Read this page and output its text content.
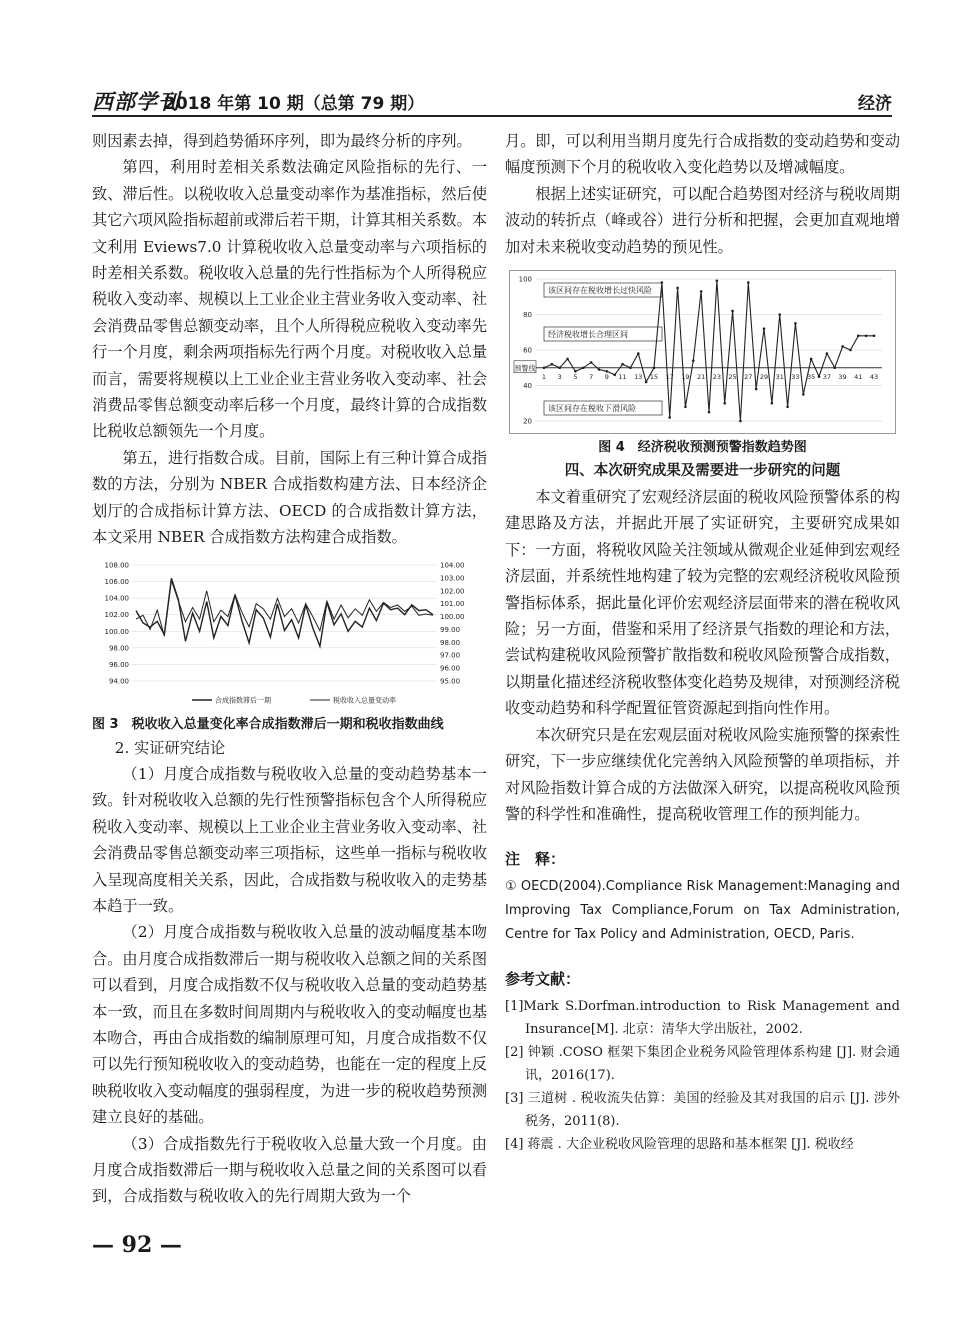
西部学刊
2018 年第 10 期（总第 79 期）	经济

则因素去掉，得到趋势循环序列，即为最终分析的序列。

第四，利用时差相关系数法确定风险指标的先行、一致、滞后性。以税收收入总量变动率作为基准指标，然后使其它六项风险指标超前或滞后若干期，计算其相关系数。本文利用 Eviews7.0 计算税收收入总量变动率与六项指标的时差相关系数。税收收入总量的先行性指标为个人所得税应税收入变动率、规模以上工业企业主营业务收入变动率、社会消费品零售总额变动率，且个人所得税应税收入变动率先行一个月度，剩余两项指标先行两个月度。对税收收入总量而言，需要将规模以上工业企业主营业务收入变动率、社会消费品零售总额变动率后移一个月度，最终计算的合成指数比税收总额领先一个月度。

第五，进行指数合成。目前，国际上有三种计算合成指数的方法，分别为 NBER 合成指数构建方法、日本经济企划厅的合成指标计算方法、OECD 的合成指数计算方法，本文采用 NBER 合成指数方法构建合成指数。

94.00
96.00
98.00
100.00
102.00
104.00
106.00
108.00
95.00
96.00
97.00
98.00
99.00
100.00
101.00
102.00
103.00
104.00
合成指数滞后一期	税收收入总量变动率

图 3　税收收入总量变化率合成指数滞后一期和税收指数曲线

2. 实证研究结论

（1）月度合成指数与税收收入总量的变动趋势基本一致。针对税收收入总额的先行性预警指标包含个人所得税应税收入变动率、规模以上工业企业主营业务收入变动率、社会消费品零售总额变动率三项指标，这些单一指标与税收收入呈现高度相关关系，因此，合成指数与税收收入的走势基本趋于一致。

（2）月度合成指数与税收收入总量的波动幅度基本吻合。由月度合成指数滞后一期与税收收入总额之间的关系图可以看到，月度合成指数不仅与税收收入总量的变动趋势基本一致，而且在多数时间周期内与税收收入的变动幅度也基本吻合，再由合成指数的编制原理可知，月度合成指数不仅可以先行预知税收收入的变动趋势，也能在一定的程度上反映税收收入变动幅度的强弱程度，为进一步的税收趋势预测建立良好的基础。

（3）合成指数先行于税收收入总量大致一个月度。由月度合成指数滞后一期与税收收入总量之间的关系图可以看到，合成指数与税收收入的先行周期大致为一个

月。即，可以利用当期月度先行合成指数的变动趋势和变动幅度预测下个月的税收收入变化趋势以及增减幅度。

根据上述实证研究，可以配合趋势图对经济与税收周期波动的转折点（峰或谷）进行分析和把握，会更加直观地增加对未来税收变动趋势的预见性。

20
40
60
80
100
预警线
1 3 5 7 9 11 13 15 17 19 21 23 25 27 29 31 33 35 37 39 41 43
该区间存在税收增长过快风险
经济税收增长合理区间
该区间存在税收下滑风险

图 4　经济税收预测预警指数趋势图

四、本次研究成果及需要进一步研究的问题

本文着重研究了宏观经济层面的税收风险预警体系的构建思路及方法，并据此开展了实证研究，主要研究成果如下：一方面，将税收风险关注领域从微观企业延伸到宏观经济层面，并系统性地构建了较为完整的宏观经济税收风险预警指标体系，据此量化评价宏观经济层面带来的潜在税收风险；另一方面，借鉴和采用了经济景气指数的理论和方法，尝试构建税收风险预警扩散指数和税收风险预警合成指数，以期量化描述经济税收整体变化趋势及规律，对预测经济税收变动趋势和科学配置征管资源起到指向性作用。

本次研究只是在宏观层面对税收风险实施预警的探索性研究，下一步应继续优化完善纳入风险预警的单项指标，并对风险指数计算合成的方法做深入研究，以提高税收风险预警的科学性和准确性，提高税收管理工作的预判能力。

注　释：

① OECD(2004).Compliance Risk Management:Managing and Improving Tax Compliance,Forum on Tax Administration, Centre for Tax Policy and Administration, OECD, Paris.

参考文献：

[1]Mark S.Dorfman.introduction to Risk Management and Insurance[M]. 北京：清华大学出版社，2002.

[2] 钟颖 .COSO 框架下集团企业税务风险管理体系构建 [J]. 财会通讯，2016(17).

[3] 三道树 . 税收流失估算：美国的经验及其对我国的启示 [J]. 涉外税务，2011(8).

[4] 蒋震 . 大企业税收风险管理的思路和基本框架 [J]. 税收经

— 92 —
